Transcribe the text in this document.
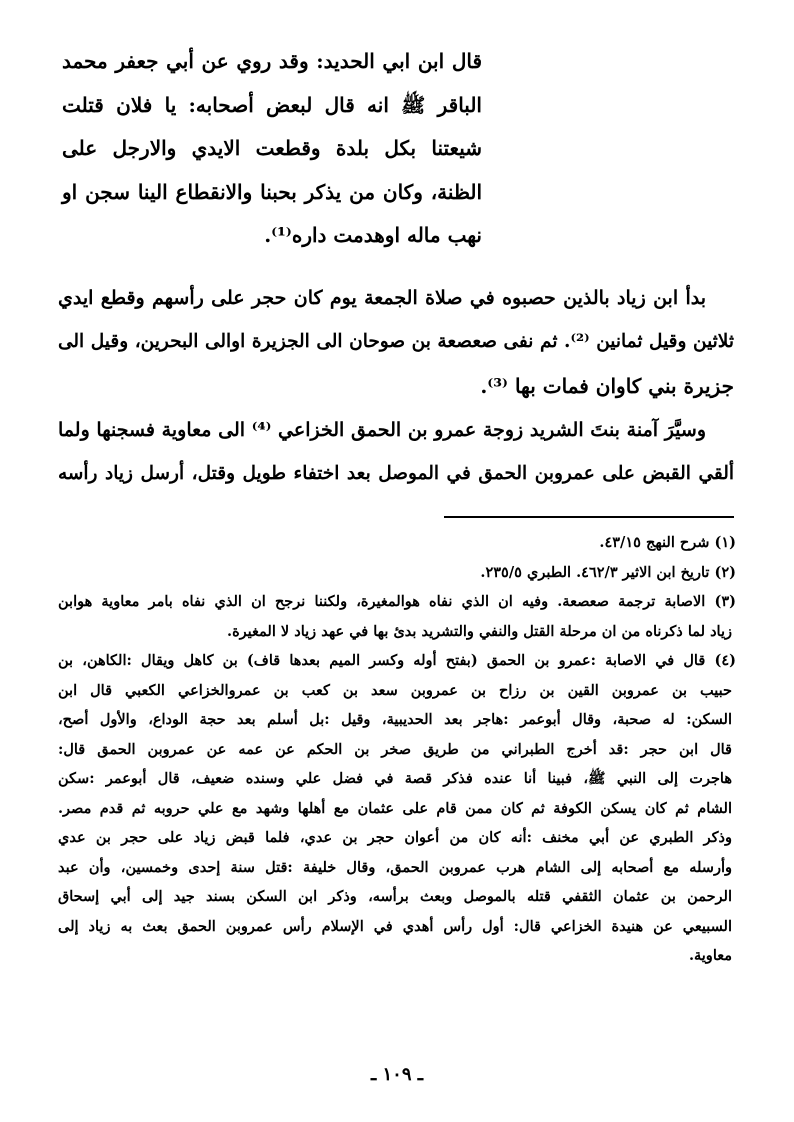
قال ابن ابي الحديد: وقد روي عن أبي جعفر محمد
الباقر ﷺ انه قال لبعض أصحابه: يا فلان قتلت
شيعتنا بكل بلدة وقطعت الايدي والارجل على
الظنة، وكان من يذكر بحبنا والانقطاع الينا سجن او
نهب ماله اوهدمت داره⁽¹⁾.
بدأ ابن زياد بالذين حصبوه في صلاة الجمعة يوم كان حجر على رأسهم وقطع ايدي
ثلاثين وقيل ثمانين ⁽²⁾. ثم نفى صعصعة بن صوحان الى الجزيرة اوالى البحرين، وقيل الى
جزيرة بني كاوان فمات بها ⁽³⁾.
وسيَّرَ آمنة بنتَ الشريد زوجة عمرو بن الحمق الخزاعي ⁽⁴⁾ الى معاوية فسجنها ولما
ألقي القبض على عمروبن الحمق في الموصل بعد اختفاء طويل وقتل، أرسل زياد رأسه
(١) شرح النهج ٤٣/١٥.
(٢) تاريخ ابن الاثير ٤٦٢/٣. الطبري ٢٣٥/٥.
(٣) الاصابة ترجمة صعصعة. وفيه ان الذي نفاه هوالمغيرة، ولكننا نرجح ان الذي نفاه بامر معاوية هوابن
زياد لما ذكرناه من ان مرحلة القتل والنفي والتشريد بدئ بها في عهد زياد لا المغيرة.
(٤) قال في الاصابة :عمرو بن الحمق (بفتح أوله وكسر الميم بعدها قاف) بن كاهل ويقال :الكاهن، بن
حبيب بن عمروبن القين بن رزاح بن عمروبن سعد بن كعب بن عمروالخزاعي الكعبي قال ابن
السكن: له صحبة، وقال أبوعمر :هاجر بعد الحديبية، وقيل :بل أسلم بعد حجة الوداع، والأول أصح،
قال ابن حجر :قد أخرج الطبراني من طريق صخر بن الحكم عن عمه عن عمروبن الحمق قال:
هاجرت إلى النبي ﷺ، فبينا أنا عنده فذكر قصة في فضل علي وسنده ضعيف، قال أبوعمر :سكن
الشام ثم كان يسكن الكوفة ثم كان ممن قام على عثمان مع أهلها وشهد مع علي حروبه ثم قدم مصر.
وذكر الطبري عن أبي مخنف :أنه كان من أعوان حجر بن عدي، فلما قبض زياد على حجر بن عدي
وأرسله مع أصحابه إلى الشام هرب عمروبن الحمق، وقال خليفة :قتل سنة إحدى وخمسين، وأن عبد
الرحمن بن عثمان الثقفي قتله بالموصل وبعث برأسه، وذكر ابن السكن بسند جيد إلى أبي إسحاق
السبيعي عن هنيدة الخزاعي قال: أول رأس أهدي في الإسلام رأس عمروبن الحمق بعث به زياد إلى
معاوية.
ـ ١٠٩ ـ
